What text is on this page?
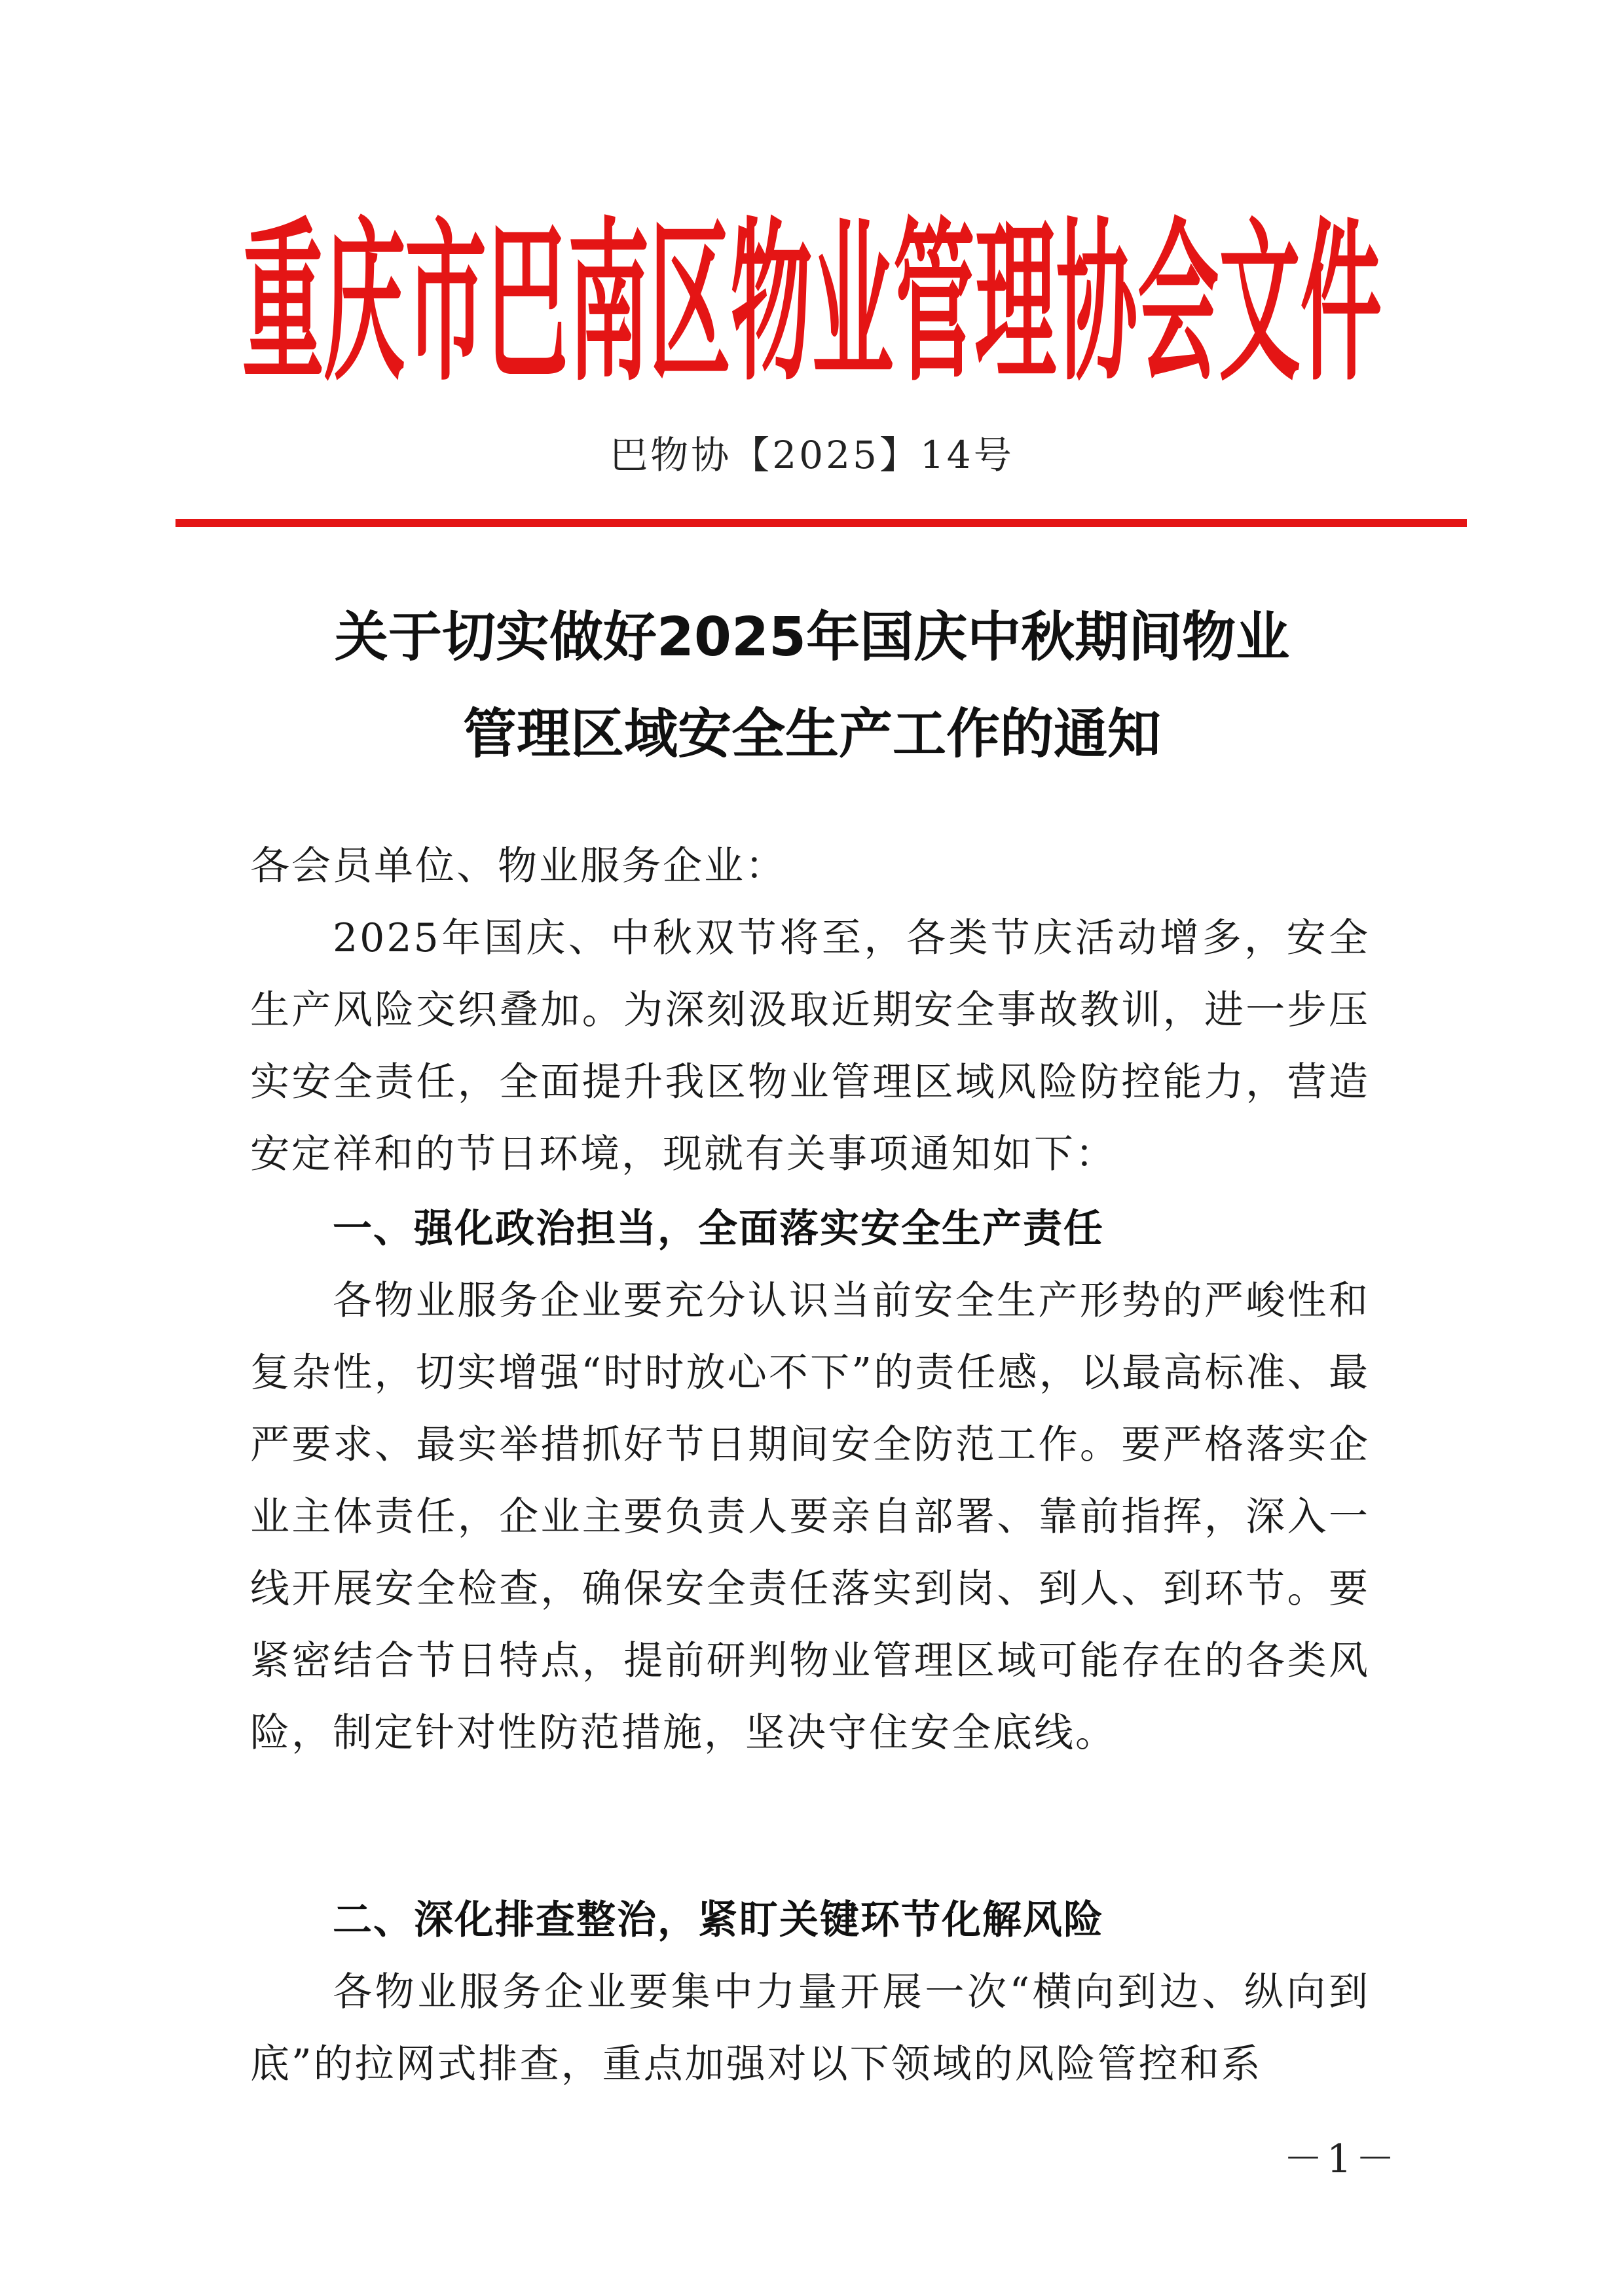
重庆市巴南区物业管理协会文件
巴物协【2025】14号
关于切实做好2025年国庆中秋期间物业
管理区域安全生产工作的通知
各会员单位、物业服务企业：
2025年国庆、中秋双节将至，各类节庆活动增多，安全生产风险交织叠加。为深刻汲取近期安全事故教训，进一步压实安全责任，全面提升我区物业管理区域风险防控能力，营造安定祥和的节日环境，现就有关事项通知如下：
一、强化政治担当，全面落实安全生产责任
各物业服务企业要充分认识当前安全生产形势的严峻性和复杂性，切实增强“时时放心不下”的责任感，以最高标准、最严要求、最实举措抓好节日期间安全防范工作。要严格落实企业主体责任，企业主要负责人要亲自部署、靠前指挥，深入一线开展安全检查，确保安全责任落实到岗、到人、到环节。要紧密结合节日特点，提前研判物业管理区域可能存在的各类风险，制定针对性防范措施，坚决守住安全底线。
二、深化排查整治，紧盯关键环节化解风险
各物业服务企业要集中力量开展一次“横向到边、纵向到底”的拉网式排查，重点加强对以下领域的风险管控和系
－1－
